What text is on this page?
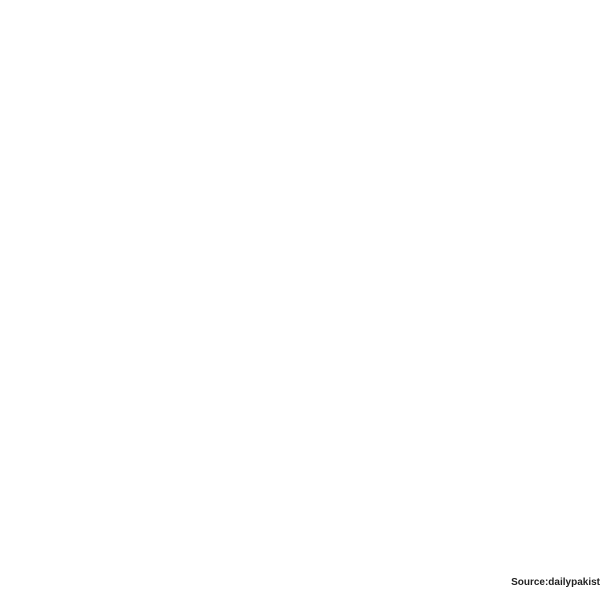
Source:dailypakist
